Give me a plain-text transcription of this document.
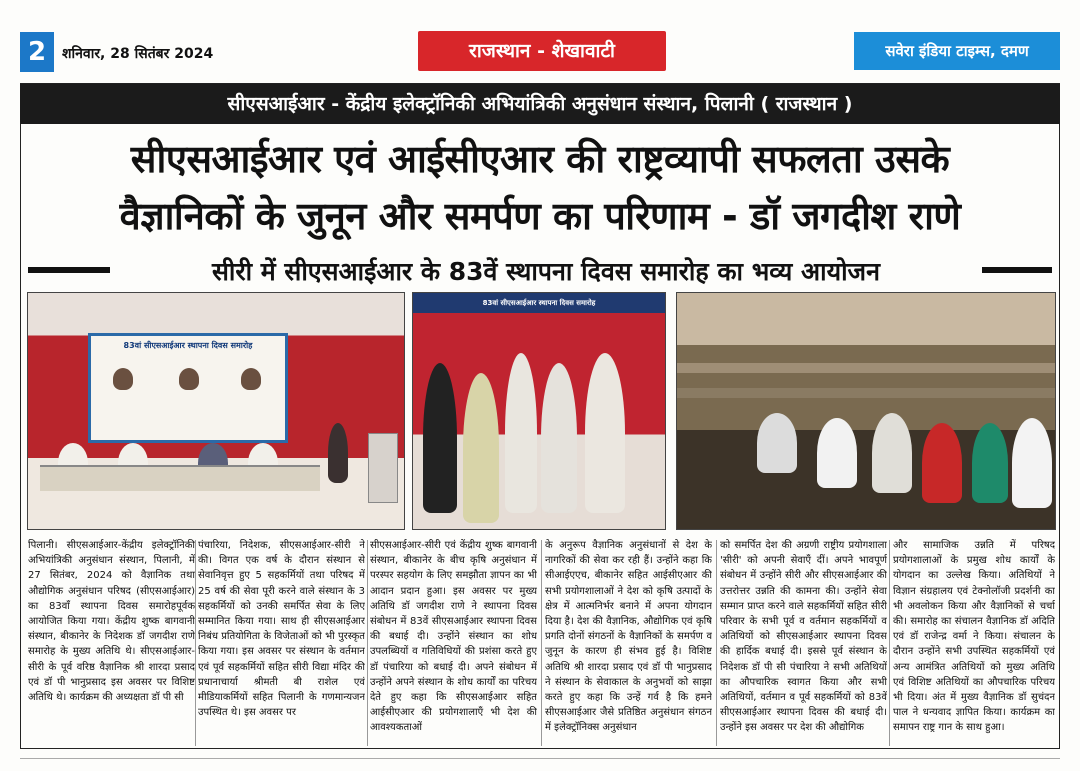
2	शनिवार, 28 सितंबर 2024	राजस्थान - शेखावाटी	सवेरा इंडिया टाइम्स, दमण
सीएसआईआर - केंद्रीय इलेक्ट्रॉनिकी अभियांत्रिकी अनुसंधान संस्थान, पिलानी ( राजस्थान )
सीएसआईआर एवं आईसीएआर की राष्ट्रव्यापी सफलता उसके
वैज्ञानिकों के जुनून और समर्पण का परिणाम - डॉ जगदीश राणे
सीरी में सीएसआईआर के 83वें स्थापना दिवस समारोह का भव्य आयोजन
83वां सीएसआईआर स्थापना दिवस समारोह
83वां सीएसआईआर स्थापना दिवस समारोह
पिलानी। सीएसआईआर-केंद्रीय इलेक्ट्रॉनिकी अभियांत्रिकी अनुसंधान संस्थान, पिलानी, में 27 सितंबर, 2024 को वैज्ञानिक तथा औद्योगिक अनुसंधान परिषद (सीएसआईआर) का 83वाँ स्थापना दिवस समारोहपूर्वक आयोजित किया गया। केंद्रीय शुष्क बागवानी संस्थान, बीकानेर के निदेशक डॉ जगदीश राणे समारोह के मुख्य अतिथि थे। सीएसआईआर-सीरी के पूर्व वरिष्ठ वैज्ञानिक श्री शारदा प्रसाद एवं डॉ पी भानुप्रसाद इस अवसर पर विशिष्ट अतिथि थे। कार्यक्रम की अध्यक्षता डॉ पी सी
पंचारिया, निदेशक, सीएसआईआर-सीरी ने की। विगत एक वर्ष के दौरान संस्थान से सेवानिवृत्त हुए 5 सहकर्मियों तथा परिषद में 25 वर्ष की सेवा पूरी करने वाले संस्थान के 3 सहकर्मियों को उनकी समर्पित सेवा के लिए सम्मानित किया गया। साथ ही सीएसआईआर निबंध प्रतियोगिता के विजेताओं को भी पुरस्कृत किया गया। इस अवसर पर संस्थान के वर्तमान एवं पूर्व सहकर्मियों सहित सीरी विद्या मंदिर की प्रधानाचार्या श्रीमती बी राशेल एवं मीडियाकर्मियों सहित पिलानी के गणमान्यजन उपस्थित थे। इस अवसर पर
सीएसआईआर-सीरी एवं केंद्रीय शुष्क बागवानी संस्थान, बीकानेर के बीच कृषि अनुसंधान में परस्पर सहयोग के लिए समझौता ज्ञापन का भी आदान प्रदान हुआ। इस अवसर पर मुख्य अतिथि डॉ जगदीश राणे ने स्थापना दिवस संबोधन में 83वें सीएसआईआर स्थापना दिवस की बधाई दी। उन्होंने संस्थान का शोध उपलब्धियों व गतिविधियों की प्रशंसा करते हुए डॉ पंचारिया को बधाई दी। अपने संबोधन में उन्होंने अपने संस्थान के शोध कार्यों का परिचय देते हुए कहा कि सीएसआईआर सहित आईसीएआर की प्रयोगशालाएँ भी देश की आवश्यकताओं
के अनुरूप वैज्ञानिक अनुसंधानों से देश के नागरिकों की सेवा कर रही हैं। उन्होंने कहा कि सीआईएएच, बीकानेर सहित आईसीएआर की सभी प्रयोगशालाओं ने देश को कृषि उत्पादों के क्षेत्र में आत्मनिर्भर बनाने में अपना योगदान दिया है। देश की वैज्ञानिक, औद्योगिक एवं कृषि प्रगति दोनों संगठनों के वैज्ञानिकों के समर्पण व जुनून के कारण ही संभव हुई है। विशिष्ट अतिथि श्री शारदा प्रसाद एवं डॉ पी भानुप्रसाद ने संस्थान के सेवाकाल के अनुभवों को साझा करते हुए कहा कि उन्हें गर्व है कि हमने सीएसआईआर जैसे प्रतिष्ठित अनुसंधान संगठन में इलेक्ट्रॉनिक्स अनुसंधान
को समर्पित देश की अग्रणी राष्ट्रीय प्रयोगशाला 'सीरी' को अपनी सेवाएँ दीं। अपने भावपूर्ण संबोधन में उन्होंने सीरी और सीएसआईआर की उत्तरोत्तर उन्नति की कामना की। उन्होंने सेवा सम्मान प्राप्त करने वाले सहकर्मियों सहित सीरी परिवार के सभी पूर्व व वर्तमान सहकर्मियों व अतिथियों को सीएसआईआर स्थापना दिवस की हार्दिक बधाई दी। इससे पूर्व संस्थान के निदेशक डॉ पी सी पंचारिया ने सभी अतिथियों का औपचारिक स्वागत किया और सभी अतिथियों, वर्तमान व पूर्व सहकर्मियों को 83वें सीएसआईआर स्थापना दिवस की बधाई दी। उन्होंने इस अवसर पर देश की औद्योगिक
और सामाजिक उन्नति में परिषद प्रयोगशालाओं के प्रमुख शोध कार्यों के योगदान का उल्लेख किया। अतिथियों ने विज्ञान संग्रहालय एवं टेक्नोलॉजी प्रदर्शनी का भी अवलोकन किया और वैज्ञानिकों से चर्चा की। समारोह का संचालन वैज्ञानिक डॉ अदिति एवं डॉ राजेन्द्र वर्मा ने किया। संचालन के दौरान उन्होंने सभी उपस्थित सहकर्मियों एवं अन्य आमंत्रित अतिथियों को मुख्य अतिथि एवं विशिष्ट अतिथियों का औपचारिक परिचय भी दिया। अंत में मुख्य वैज्ञानिक डॉ सुचंदन पाल ने धन्यवाद ज्ञापित किया। कार्यक्रम का समापन राष्ट्र गान के साथ हुआ।
